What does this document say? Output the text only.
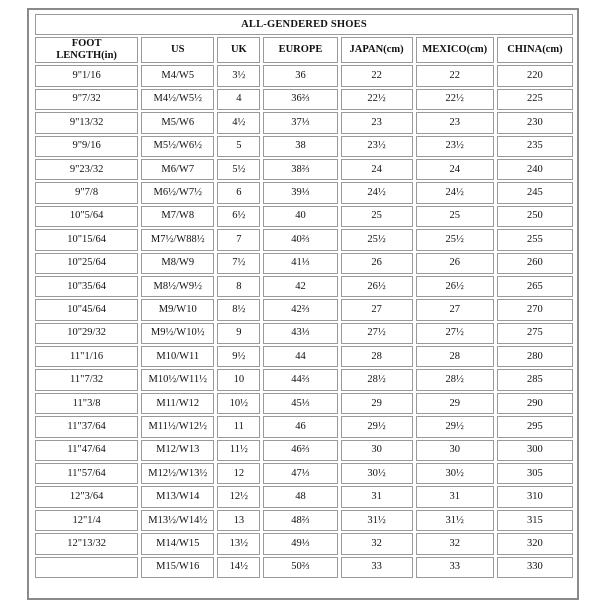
ALL-GENDERED SHOES						

FOOT
LENGTH(in)	US	UK	EUROPE	JAPAN(cm)	MEXICO(cm)	CHINA(cm)
9"1/16	M4/W5	3½	36	22	22	220
9"7/32	M4½/W5½	4	36⅔	22½	22½	225
9"13/32	M5/W6	4½	37⅓	23	23	230
9"9/16	M5½/W6½	5	38	23½	23½	235
9"23/32	M6/W7	5½	38⅔	24	24	240
9"7/8	M6½/W7½	6	39⅓	24½	24½	245
10"5/64	M7/W8	6½	40	25	25	250
10"15/64	M7½/W88½	7	40⅔	25½	25½	255
10"25/64	M8/W9	7½	41⅓	26	26	260
10"35/64	M8½/W9½	8	42	26½	26½	265
10"45/64	M9/W10	8½	42⅔	27	27	270
10"29/32	M9½/W10½	9	43⅓	27½	27½	275
11"1/16	M10/W11	9½	44	28	28	280
11"7/32	M10½/W11½	10	44⅔	28½	28½	285
11"3/8	M11/W12	10½	45⅓	29	29	290
11"37/64	M11½/W12½	11	46	29½	29½	295
11"47/64	M12/W13	11½	46⅔	30	30	300
11"57/64	M12½/W13½	12	47⅓	30½	30½	305
12"3/64	M13/W14	12½	48	31	31	310
12"1/4	M13½/W14½	13	48⅔	31½	31½	315
12"13/32	M14/W15	13½	49⅓	32	32	320
	M15/W16	14½	50⅔	33	33	330
